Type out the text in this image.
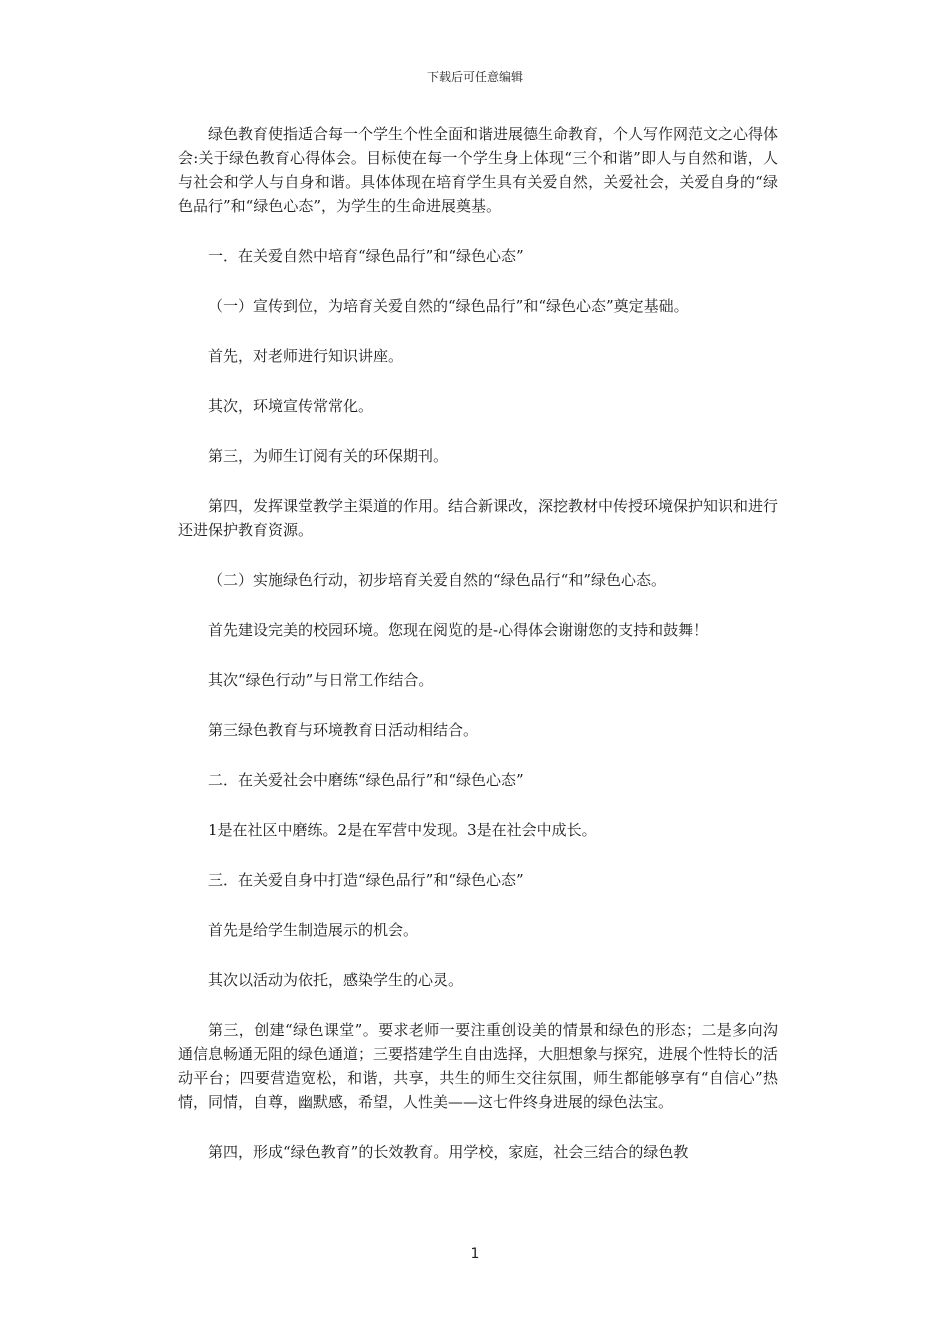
下载后可任意编辑

绿色教育使指适合每一个学生个性全面和谐进展德生命教育，个人写作网范文之心得体会:关于绿色教育心得体会。目标使在每一个学生身上体现“三个和谐”即人与自然和谐，人与社会和学人与自身和谐。具体体现在培育学生具有关爱自然，关爱社会，关爱自身的“绿色品行”和“绿色心态”，为学生的生命进展奠基。

一．在关爱自然中培育“绿色品行”和“绿色心态”

（一）宣传到位，为培育关爱自然的“绿色品行”和“绿色心态”奠定基础。

首先，对老师进行知识讲座。

其次，环境宣传常常化。

第三，为师生订阅有关的环保期刊。

第四，发挥课堂教学主渠道的作用。结合新课改，深挖教材中传授环境保护知识和进行还进保护教育资源。

（二）实施绿色行动，初步培育关爱自然的“绿色品行“和”绿色心态。

首先建设完美的校园环境。您现在阅览的是-心得体会谢谢您的支持和鼓舞！

其次“绿色行动”与日常工作结合。

第三绿色教育与环境教育日活动相结合。

二．在关爱社会中磨练“绿色品行”和“绿色心态”

1是在社区中磨练。2是在军营中发现。3是在社会中成长。

三．在关爱自身中打造“绿色品行”和“绿色心态”

首先是给学生制造展示的机会。

其次以活动为依托，感染学生的心灵。

第三，创建“绿色课堂”。要求老师一要注重创设美的情景和绿色的形态；二是多向沟通信息畅通无阻的绿色通道；三要搭建学生自由选择，大胆想象与探究，进展个性特长的活动平台；四要营造宽松，和谐，共享，共生的师生交往氛围，师生都能够享有“自信心”热情，同情，自尊，幽默感，希望，人性美——这七件终身进展的绿色法宝。

第四，形成“绿色教育”的长效教育。用学校，家庭，社会三结合的绿色教

1
